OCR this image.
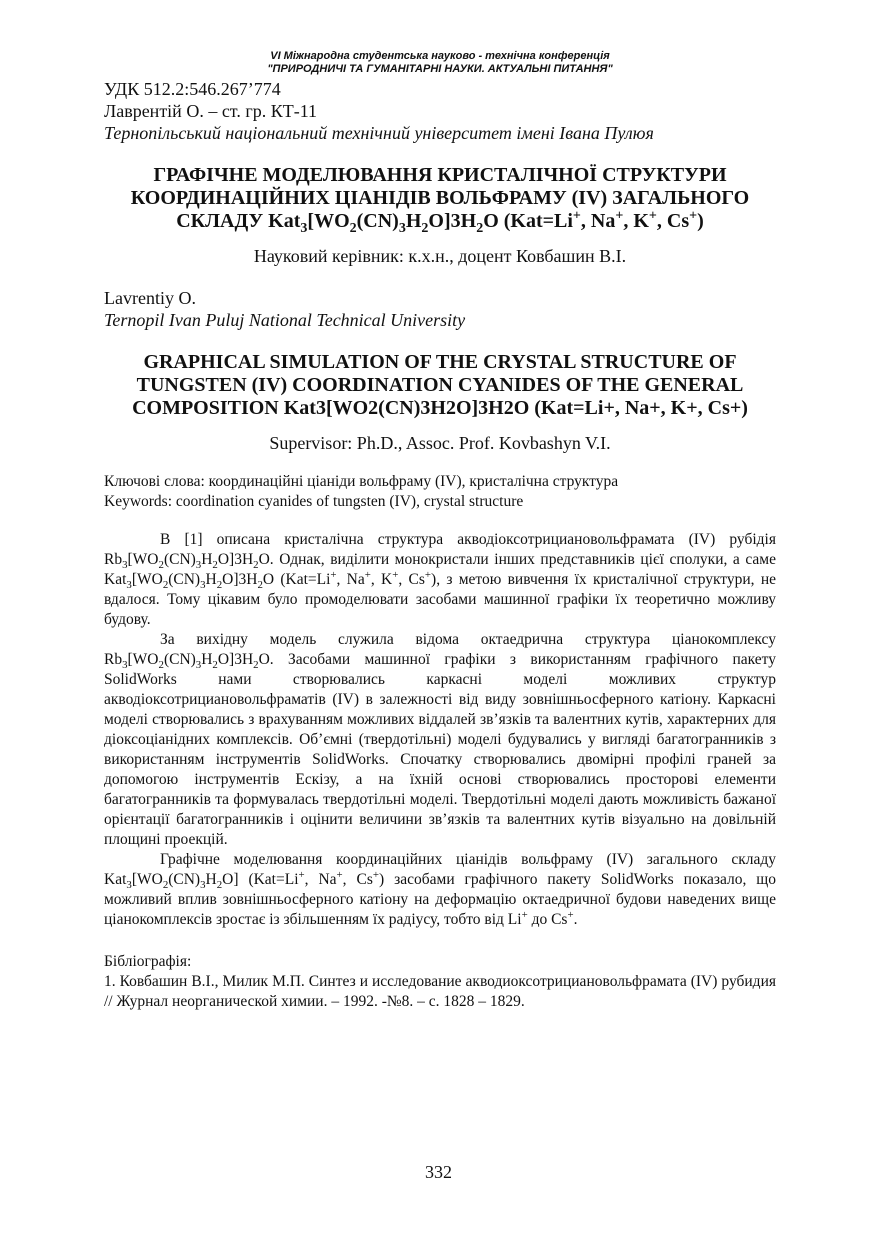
VI Міжнародна студентська науково - технічна конференція
"ПРИРОДНИЧІ ТА ГУМАНІТАРНІ НАУКИ. АКТУАЛЬНІ ПИТАННЯ"
УДК 512.2:546.267’774
Лаврентій О. – ст. гр. КТ-11
Тернопільський національний технічний університет імені Івана Пулюя
ГРАФІЧНЕ МОДЕЛЮВАННЯ КРИСТАЛІЧНОЇ СТРУКТУРИ
КООРДИНАЦІЙНИХ ЦІАНІДІВ ВОЛЬФРАМУ (IV) ЗАГАЛЬНОГО
СКЛАДУ $Kat_3[WO_2(CN)_3H_2O]3H_2O$ (Kat=Li+, Na+, K+, Cs+)
Науковий керівник: к.х.н., доцент Ковбашин В.І.
Lavrentiy O.
Ternopil Ivan Puluj National Technical University
GRAPHICAL SIMULATION OF THE CRYSTAL STRUCTURE OF
TUNGSTEN (IV) COORDINATION CYANIDES OF THE GENERAL
COMPOSITION Kat3[WO2(CN)3H2O]3H2O (Kat=Li+, Na+, K+, Cs+)
Supervisor: Ph.D., Assoc. Prof. Kovbashyn V.I.
Ключові слова: координаційні ціаніди вольфраму (IV), кристалічна структура
Keywords: coordination cyanides of tungsten (IV), crystal structure

В [1] описана кристалічна структура акводіоксотрициановольфрамата (IV) рубідія $Rb_3[WO_2(CN)_3H_2O]3H_2O$. Однак, виділити монокристали інших представників цієї сполуки, а саме $Kat_3[WO_2(CN)_3H_2O]3H_2O$ (Kat=Li+, Na+, K+, Cs+), з метою вивчення їх кристалічної структури, не вдалося. Тому цікавим було промоделювати засобами машинної графіки їх теоретично можливу будову.

За вихідну модель служила відома октаедрична структура ціанокомплексу $Rb_3[WO_2(CN)_3H_2O]3H_2O$. Засобами машинної графіки з використанням графічного пакету SolidWorks нами створювались каркасні моделі можливих структур акводіоксотрициановольфраматів (IV) в залежності від виду зовнішньосферного катіону. Каркасні моделі створювались з врахуванням можливих віддалей зв’язків та валентних кутів, характерних для діоксоціанідних комплексів. Об’ємні (твердотільні) моделі будувались у вигляді багатогранників з використанням інструментів SolidWorks. Спочатку створювались двомірні профілі граней за допомогою інструментів Ескізу, а на їхній основі створювались просторові елементи багатогранників та формувалась твердотільні моделі. Твердотільні моделі дають можливість бажаної орієнтації багатогранників і оцінити величини зв’язків та валентних кутів візуально на довільній площині проекцій.

Графічне моделювання координаційних ціанідів вольфраму (IV) загального складу $Kat_3[WO_2(CN)_3H_2O]$ (Kat=Li+, Na+, Cs+) засобами графічного пакету SolidWorks показало, що можливий вплив зовнішньосферного катіону на деформацію октаедричної будови наведених вище ціанокомплексів зростає із збільшенням їх радіусу, тобто від Li+ до Cs+.

Бібліографія:
1. Ковбашин В.І., Милик М.П. Синтез и исследование акводиоксотрициановольфрамата (IV) рубидия // Журнал неорганической химии. – 1992. -№8. – с. 1828 – 1829.
332
